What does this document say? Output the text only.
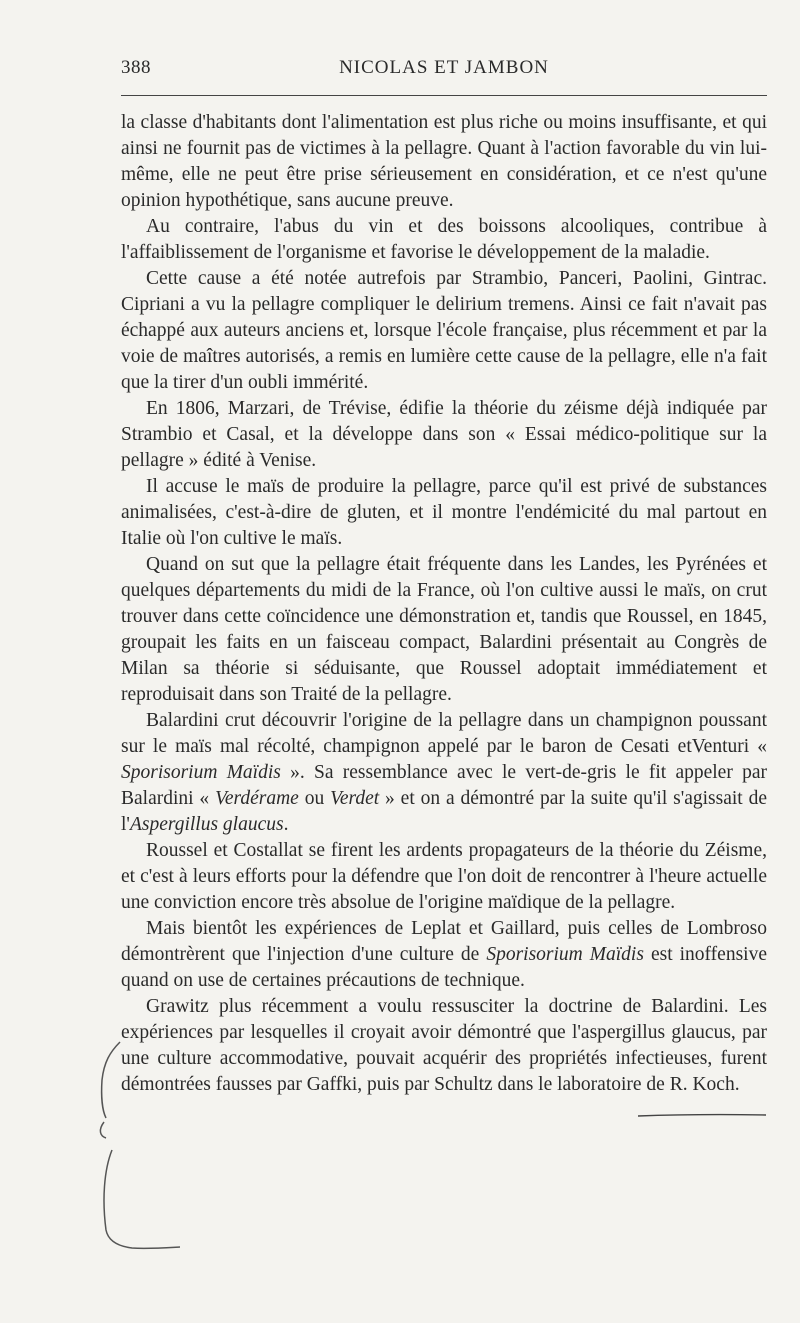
388	NICOLAS ET JAMBON

la classe d'habitants dont l'alimentation est plus riche ou moins insuffisante, et qui ainsi ne fournit pas de victimes à la pellagre. Quant à l'action favorable du vin lui-même, elle ne peut être prise sérieusement en considération, et ce n'est qu'une opinion hypothétique, sans aucune preuve.

Au contraire, l'abus du vin et des boissons alcooliques, contribue à l'affaiblissement de l'organisme et favorise le développement de la maladie.

Cette cause a été notée autrefois par Strambio, Panceri, Paolini, Gintrac. Cipriani a vu la pellagre compliquer le delirium tremens. Ainsi ce fait n'avait pas échappé aux auteurs anciens et, lorsque l'école française, plus récemment et par la voie de maîtres autorisés, a remis en lumière cette cause de la pellagre, elle n'a fait que la tirer d'un oubli immérité.

En 1806, Marzari, de Trévise, édifie la théorie du zéisme déjà indiquée par Strambio et Casal, et la développe dans son « Essai médico-politique sur la pellagre » édité à Venise.

Il accuse le maïs de produire la pellagre, parce qu'il est privé de substances animalisées, c'est-à-dire de gluten, et il montre l'endémicité du mal partout en Italie où l'on cultive le maïs.

Quand on sut que la pellagre était fréquente dans les Landes, les Pyrénées et quelques départements du midi de la France, où l'on cultive aussi le maïs, on crut trouver dans cette coïncidence une démonstration et, tandis que Roussel, en 1845, groupait les faits en un faisceau compact, Balardini présentait au Congrès de Milan sa théorie si séduisante, que Roussel adoptait immédiatement et reproduisait dans son Traité de la pellagre.

Balardini crut découvrir l'origine de la pellagre dans un champignon poussant sur le maïs mal récolté, champignon appelé par le baron de Cesati etVenturi « Sporisorium Maïdis ». Sa ressemblance avec le vert-de-gris le fit appeler par Balardini « Verdérame ou Verdet » et on a démontré par la suite qu'il s'agissait de l'Aspergillus glaucus.

Roussel et Costallat se firent les ardents propagateurs de la théorie du Zéisme, et c'est à leurs efforts pour la défendre que l'on doit de rencontrer à l'heure actuelle une conviction encore très absolue de l'origine maïdique de la pellagre.

Mais bientôt les expériences de Leplat et Gaillard, puis celles de Lombroso démontrèrent que l'injection d'une culture de Sporisorium Maïdis est inoffensive quand on use de certaines précautions de technique.

Grawitz plus récemment a voulu ressusciter la doctrine de Balardini. Les expériences par lesquelles il croyait avoir démontré que l'aspergillus glaucus, par une culture accommodative, pouvait acquérir des propriétés infectieuses, furent démontrées fausses par Gaffki, puis par Schultz dans le laboratoire de R. Koch.
